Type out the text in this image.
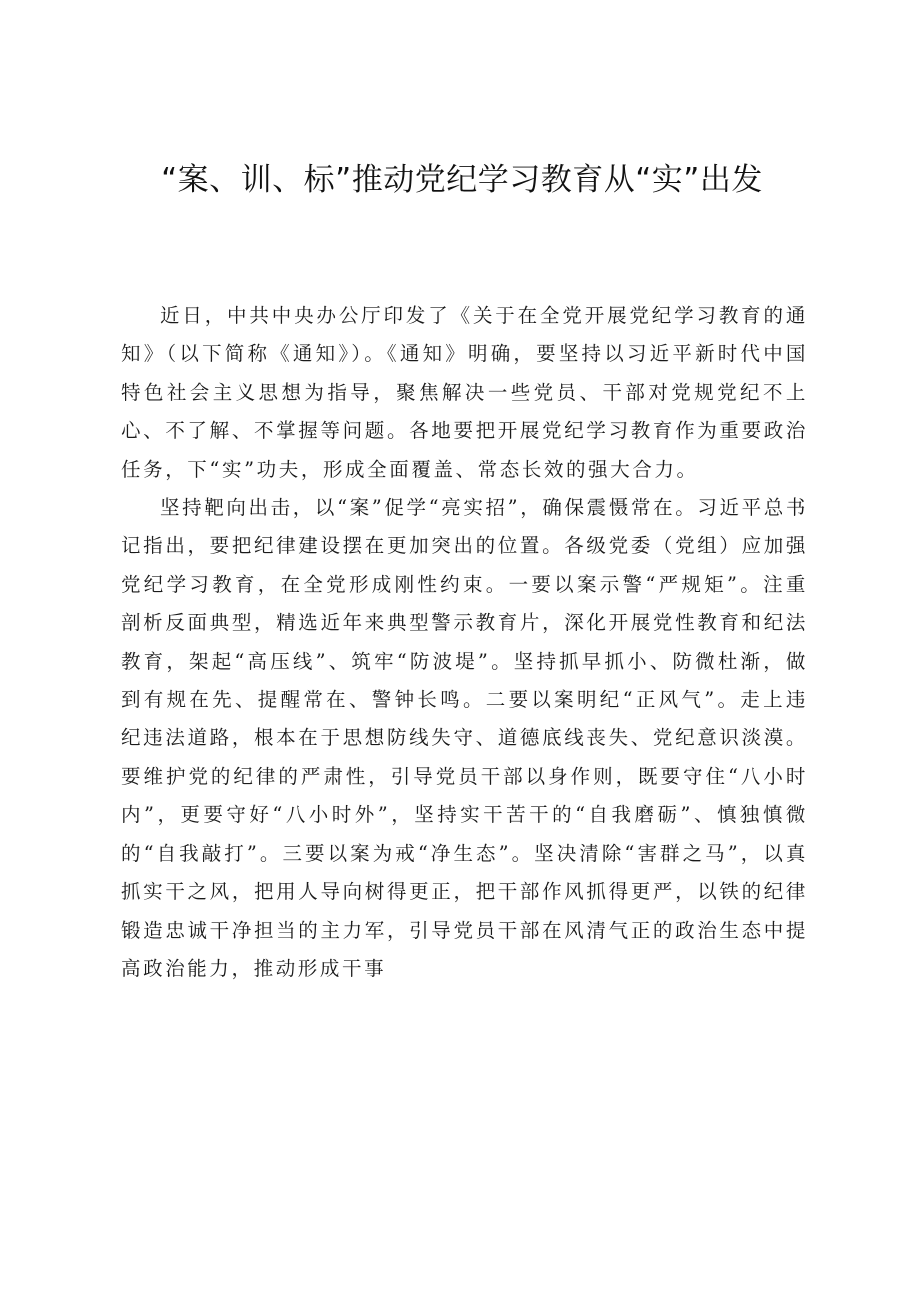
“案、训、标”推动党纪学习教育从“实”出发

近日，中共中央办公厅印发了《关于在全党开展党纪学习教育的通知》（以下简称《通知》）。《通知》明确，要坚持以习近平新时代中国特色社会主义思想为指导，聚焦解决一些党员、干部对党规党纪不上心、不了解、不掌握等问题。各地要把开展党纪学习教育作为重要政治任务，下“实”功夫，形成全面覆盖、常态长效的强大合力。

坚持靶向出击，以“案”促学“亮实招”，确保震慑常在。习近平总书记指出，要把纪律建设摆在更加突出的位置。各级党委（党组）应加强党纪学习教育，在全党形成刚性约束。一要以案示警“严规矩”。注重剖析反面典型，精选近年来典型警示教育片，深化开展党性教育和纪法教育，架起“高压线”、筑牢“防波堤”。坚持抓早抓小、防微杜渐，做到有规在先、提醒常在、警钟长鸣。二要以案明纪“正风气”。走上违纪违法道路，根本在于思想防线失守、道德底线丧失、党纪意识淡漠。要维护党的纪律的严肃性，引导党员干部以身作则，既要守住“八小时内”，更要守好“八小时外”，坚持实干苦干的“自我磨砺”、慎独慎微的“自我敲打”。三要以案为戒“净生态”。坚决清除“害群之马”，以真抓实干之风，把用人导向树得更正，把干部作风抓得更严，以铁的纪律锻造忠诚干净担当的主力军，引导党员干部在风清气正的政治生态中提高政治能力，推动形成干事
